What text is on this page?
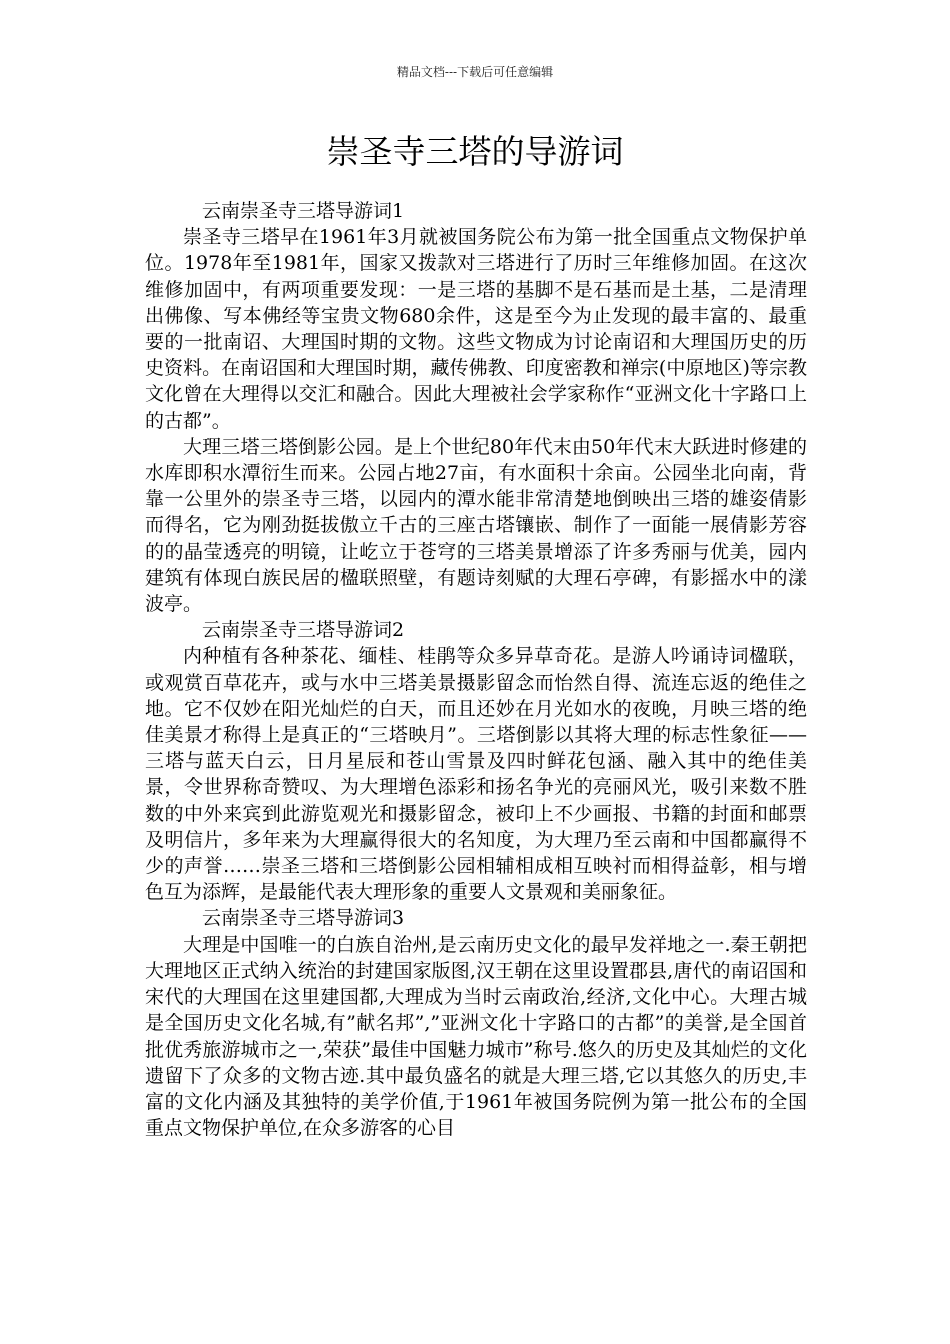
精品文档---下载后可任意编辑
崇圣寺三塔的导游词

云南崇圣寺三塔导游词1

崇圣寺三塔早在1961年3月就被国务院公布为第一批全国重点文物保护单位。1978年至1981年，国家又拨款对三塔进行了历时三年维修加固。在这次维修加固中，有两项重要发现：一是三塔的基脚不是石基而是土基，二是清理出佛像、写本佛经等宝贵文物680余件，这是至今为止发现的最丰富的、最重要的一批南诏、大理国时期的文物。这些文物成为讨论南诏和大理国历史的历史资料。在南诏国和大理国时期，藏传佛教、印度密教和禅宗(中原地区)等宗教文化曾在大理得以交汇和融合。因此大理被社会学家称作“亚洲文化十字路口上的古都”。

大理三塔三塔倒影公园。是上个世纪80年代末由50年代末大跃进时修建的水库即积水潭衍生而来。公园占地27亩，有水面积十余亩。公园坐北向南，背靠一公里外的崇圣寺三塔，以园内的潭水能非常清楚地倒映出三塔的雄姿倩影而得名，它为刚劲挺拔傲立千古的三座古塔镶嵌、制作了一面能一展倩影芳容的的晶莹透亮的明镜，让屹立于苍穹的三塔美景增添了许多秀丽与优美，园内建筑有体现白族民居的楹联照壁，有题诗刻赋的大理石亭碑，有影摇水中的漾波亭。

云南崇圣寺三塔导游词2

内种植有各种茶花、缅桂、桂鹃等众多异草奇花。是游人吟诵诗词楹联，或观赏百草花卉，或与水中三塔美景摄影留念而怡然自得、流连忘返的绝佳之地。它不仅妙在阳光灿烂的白天，而且还妙在月光如水的夜晚，月映三塔的绝佳美景才称得上是真正的“三塔映月”。三塔倒影以其将大理的标志性象征——三塔与蓝天白云，日月星辰和苍山雪景及四时鲜花包涵、融入其中的绝佳美景，令世界称奇赞叹、为大理增色添彩和扬名争光的亮丽风光，吸引来数不胜数的中外来宾到此游览观光和摄影留念，被印上不少画报、书籍的封面和邮票及明信片，多年来为大理赢得很大的名知度，为大理乃至云南和中国都赢得不少的声誉……崇圣三塔和三塔倒影公园相辅相成相互映衬而相得益彰，相与增色互为添辉，是最能代表大理形象的重要人文景观和美丽象征。

云南崇圣寺三塔导游词3

大理是中国唯一的白族自治州,是云南历史文化的最早发祥地之一.秦王朝把大理地区正式纳入统治的封建国家版图,汉王朝在这里设置郡县,唐代的南诏国和宋代的大理国在这里建国都,大理成为当时云南政治,经济,文化中心。大理古城是全国历史文化名城,有”献名邦”,”亚洲文化十字路口的古都”的美誉,是全国首批优秀旅游城市之一,荣获”最佳中国魅力城市”称号.悠久的历史及其灿烂的文化遗留下了众多的文物古迹.其中最负盛名的就是大理三塔,它以其悠久的历史,丰富的文化内涵及其独特的美学价值,于1961年被国务院例为第一批公布的全国重点文物保护单位,在众多游客的心目
